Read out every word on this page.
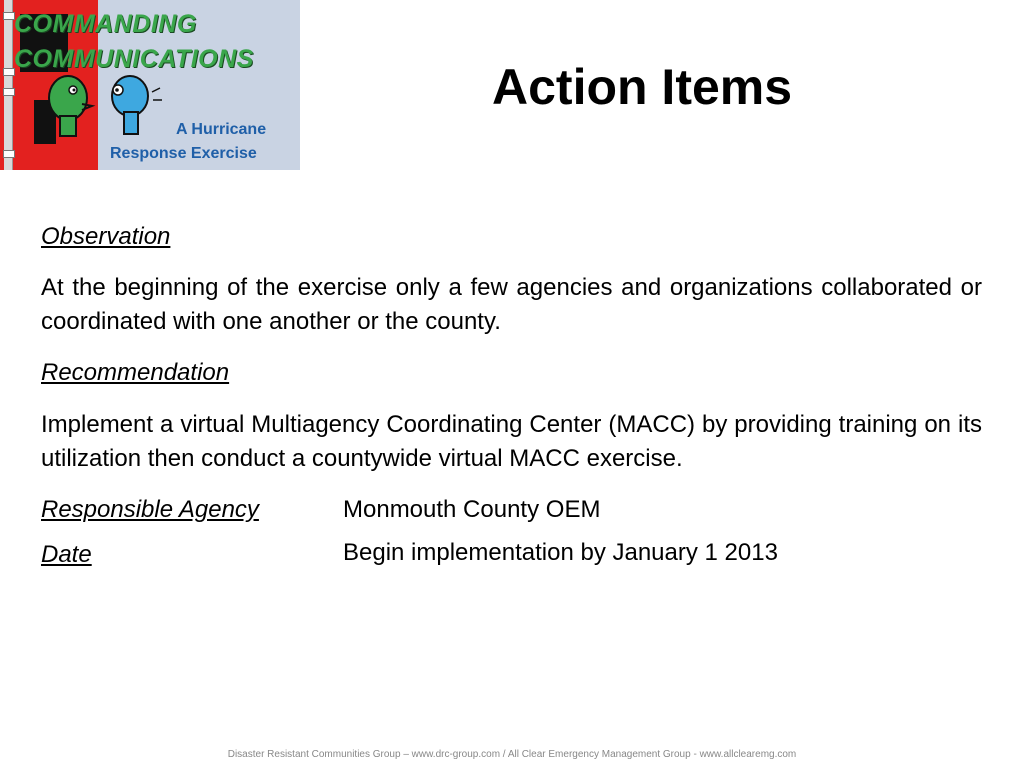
COMMANDING
COMMUNICATIONS
A Hurricane
Response Exercise
Action Items
Observation
At the beginning of the exercise only a few agencies and organizations collaborated or coordinated with one another or the county.
Recommendation
Implement a virtual Multiagency Coordinating Center (MACC) by providing training on its utilization then conduct a countywide virtual MACC exercise.
Responsible Agency	Monmouth County OEM
Date	Begin implementation by January 1 2013
Disaster Resistant Communities Group – www.drc-group.com / All Clear Emergency Management Group - www.allclearemg.com
